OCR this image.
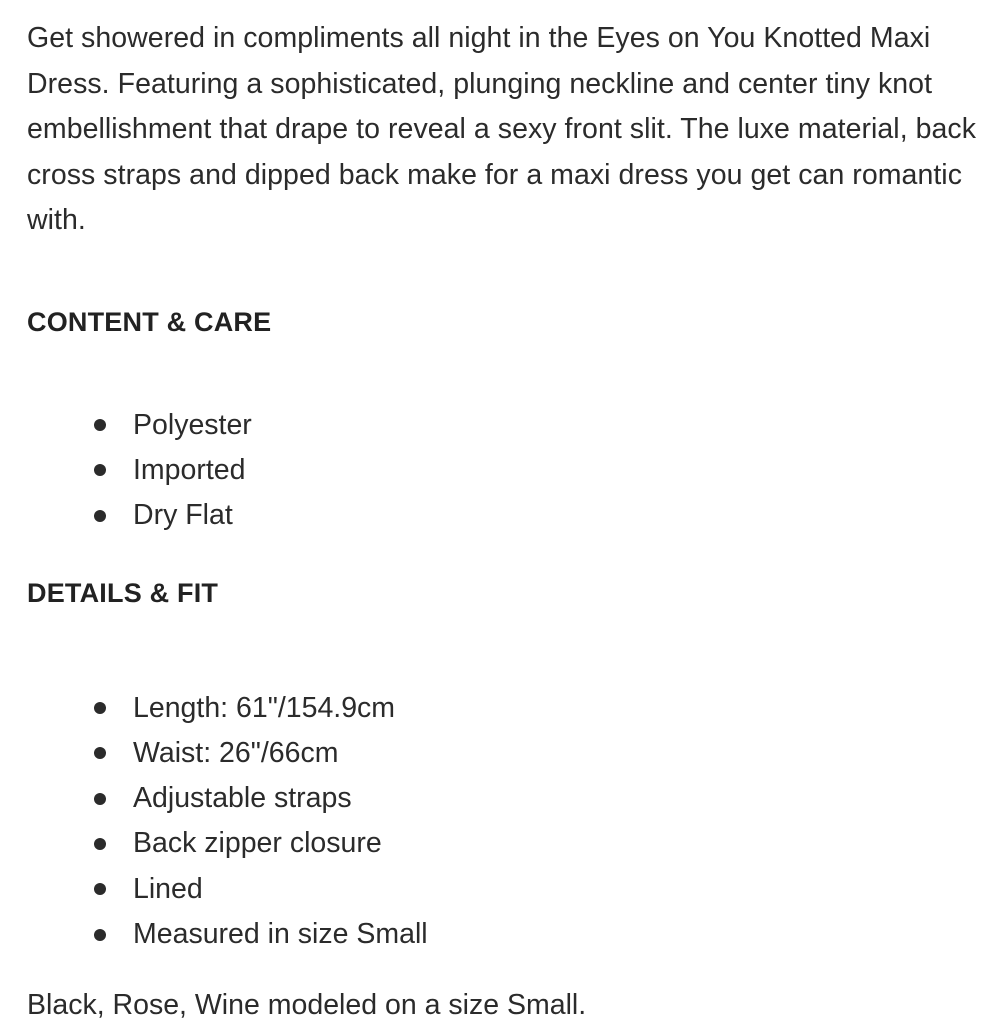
Get showered in compliments all night in the Eyes on You Knotted Maxi Dress. Featuring a sophisticated, plunging neckline and center tiny knot embellishment that drape to reveal a sexy front slit. The luxe material, back cross straps and dipped back make for a maxi dress you get can romantic with.

CONTENT & CARE
Polyester
Imported
Dry Flat
DETAILS & FIT
Length: 61"/154.9cm
Waist: 26"/66cm
Adjustable straps
Back zipper closure
Lined
Measured in size Small

Black, Rose, Wine modeled on a size Small.
